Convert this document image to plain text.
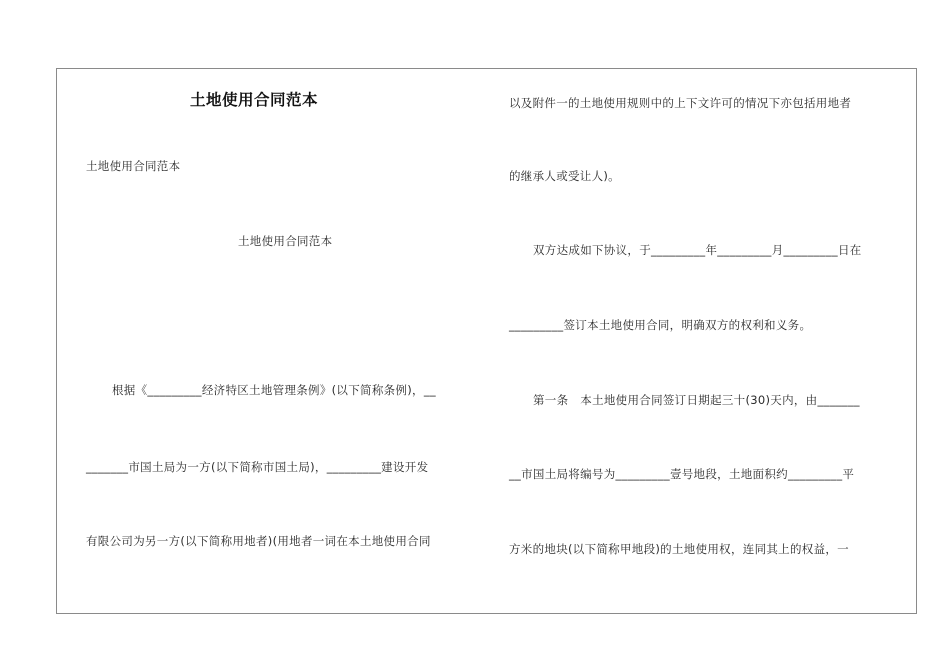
土地使用合同范本
土地使用合同范本
土地使用合同范本
根据《_________经济特区土地管理条例》(以下简称条例)，__
_______市国土局为一方(以下简称市国土局)，_________建设开发
有限公司为另一方(以下简称用地者)(用地者一词在本土地使用合同
以及附件一的土地使用规则中的上下文许可的情况下亦包括用地者
的继承人或受让人)。
双方达成如下协议，于_________年_________月_________日在
_________签订本土地使用合同，明确双方的权利和义务。
第一条   本土地使用合同签订日期起三十(30)天内，由_______
__市国土局将编号为_________壹号地段，土地面积约_________平
方米的地块(以下简称甲地段)的土地使用权，连同其上的权益，一
